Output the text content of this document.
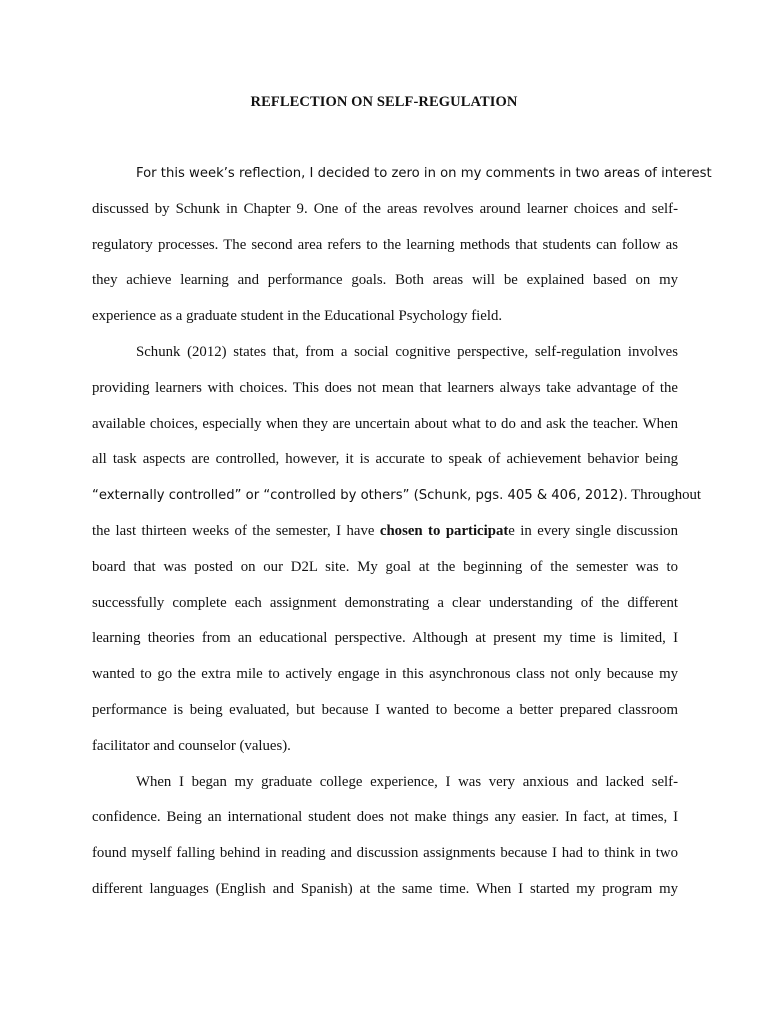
REFLECTION ON SELF-REGULATION
For this week’s reflection, I decided to zero in on my comments in two areas of interest
discussed by Schunk in Chapter 9. One of the areas revolves around learner choices and self-
regulatory processes. The second area refers to the learning methods that students can follow as
they achieve learning and performance goals. Both areas will be explained based on my
experience as a graduate student in the Educational Psychology field.
Schunk (2012) states that, from a social cognitive perspective, self-regulation involves
providing learners with choices. This does not mean that learners always take advantage of the
available choices, especially when they are uncertain about what to do and ask the teacher. When
all task aspects are controlled, however, it is accurate to speak of achievement behavior being
“externally controlled” or “controlled by others” (Schunk, pgs. 405 & 406, 2012). Throughout
the last thirteen weeks of the semester, I have chosen to participate in every single discussion
board that was posted on our D2L site. My goal at the beginning of the semester was to
successfully complete each assignment demonstrating a clear understanding of the different
learning theories from an educational perspective. Although at present my time is limited, I
wanted to go the extra mile to actively engage in this asynchronous class not only because my
performance is being evaluated, but because I wanted to become a better prepared classroom
facilitator and counselor (values).
When I began my graduate college experience, I was very anxious and lacked self-
confidence. Being an international student does not make things any easier. In fact, at times, I
found myself falling behind in reading and discussion assignments because I had to think in two
different languages (English and Spanish) at the same time. When I started my program my
